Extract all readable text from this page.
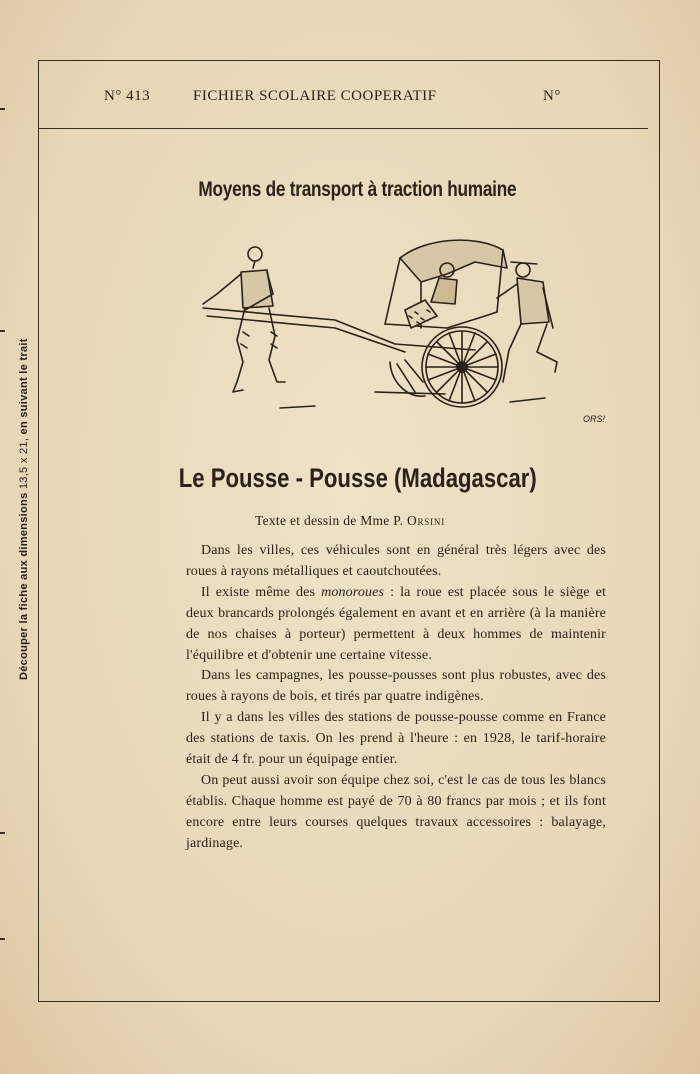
N° 413	FICHIER SCOLAIRE COOPERATIF	N°
Découper la fiche aux dimensions 13,5 x 21, en suivant le trait
Moyens de transport à traction humaine
ORS!
Le Pousse - Pousse (Madagascar)
Texte et dessin de Mme P. Orsini

Dans les villes, ces véhicules sont en général très légers avec des roues à rayons métalliques et caoutchoutées.

Il existe même des monoroues : la roue est placée sous le siège et deux brancards prolongés également en avant et en arrière (à la manière de nos chaises à porteur) permettent à deux hommes de maintenir l'équilibre et d'obtenir une certaine vitesse.

Dans les campagnes, les pousse-pousses sont plus robustes, avec des roues à rayons de bois, et tirés par quatre indigènes.

Il y a dans les villes des stations de pousse-pousse comme en France des stations de taxis. On les prend à l'heure : en 1928, le tarif-horaire était de 4 fr. pour un équipage entier.

On peut aussi avoir son équipe chez soi, c'est le cas de tous les blancs établis. Chaque homme est payé de 70 à 80 francs par mois ; et ils font encore entre leurs courses quelques travaux accessoires : balayage, jardinage.
